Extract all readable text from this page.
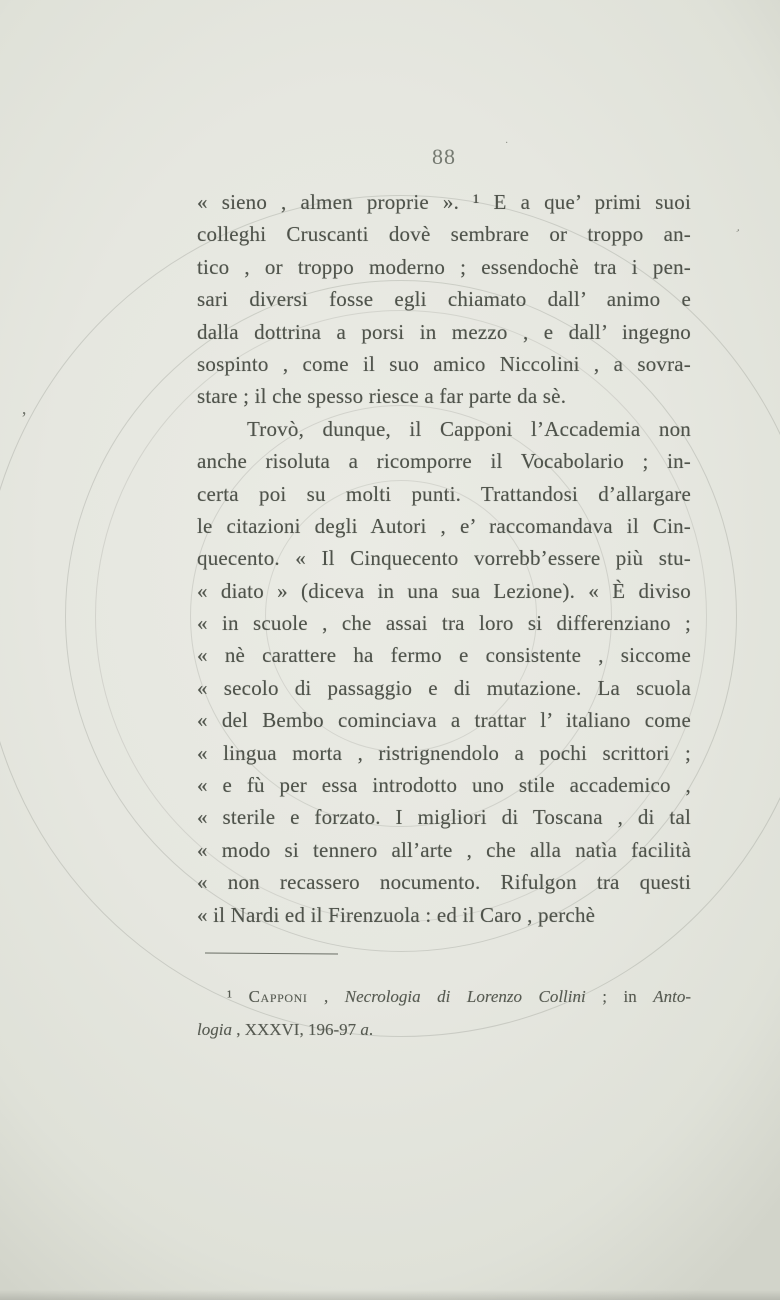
88
« sieno , almen proprie ». ¹ E a que’ primi suoi
colleghi Cruscanti dovè sembrare or troppo an-
tico , or troppo moderno ; essendochè tra i pen-
sari diversi fosse egli chiamato dall’ animo e
dalla dottrina a porsi in mezzo , e dall’ ingegno
sospinto , come il suo amico Niccolini , a sovra-
stare ; il che spesso riesce a far parte da sè.
Trovò, dunque, il Capponi l’Accademia non
anche risoluta a ricomporre il Vocabolario ; in-
certa poi su molti punti. Trattandosi d’allargare
le citazioni degli Autori , e’ raccomandava il Cin-
quecento. « Il Cinquecento vorrebb’essere più stu-
« diato » (diceva in una sua Lezione). « È diviso
« in scuole , che assai tra loro si differenziano ;
« nè carattere ha fermo e consistente , siccome
« secolo di passaggio e di mutazione. La scuola
« del Bembo cominciava a trattar l’ italiano come
« lingua morta , ristrignendolo a pochi scrittori ;
« e fù per essa introdotto uno stile accademico ,
« sterile e forzato. I migliori di Toscana , di tal
« modo si tennero all’arte , che alla natìa facilità
« non recassero nocumento. Rifulgon tra questi
« il Nardi ed il Firenzuola : ed il Caro , perchè
¹ Capponi , Necrologia di Lorenzo Collini ; in Anto-
logia , XXXVI, 196-97 a.
’
·
‚
